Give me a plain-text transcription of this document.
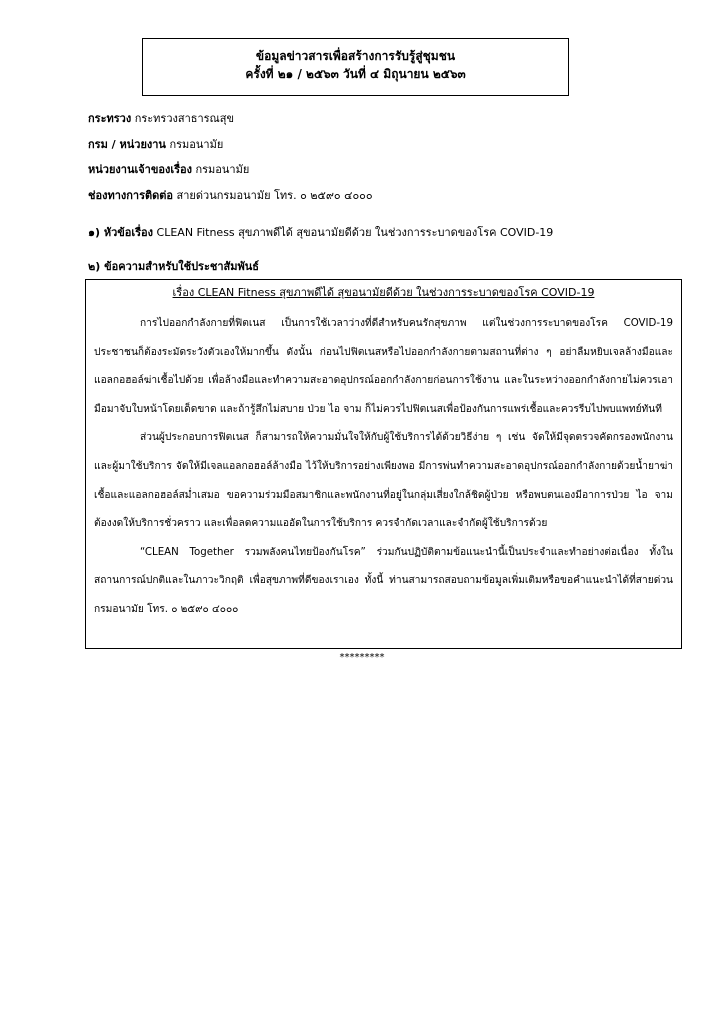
ข้อมูลข่าวสารเพื่อสร้างการรับรู้สู่ชุมชน
ครั้งที่ ๒๑ / ๒๕๖๓ วันที่ ๔ มิถุนายน ๒๕๖๓
กระทรวง กระทรวงสาธารณสุข
กรม / หน่วยงาน กรมอนามัย
หน่วยงานเจ้าของเรื่อง กรมอนามัย
ช่องทางการติดต่อ สายด่วนกรมอนามัย โทร. ๐ ๒๕๙๐ ๔๐๐๐
๑) หัวข้อเรื่อง CLEAN Fitness สุขภาพดีได้ สุขอนามัยดีด้วย ในช่วงการระบาดของโรค COVID-19
๒) ข้อความสำหรับใช้ประชาสัมพันธ์
เรื่อง CLEAN Fitness สุขภาพดีได้ สุขอนามัยดีด้วย ในช่วงการระบาดของโรค COVID-19

การไปออกกำลังกายที่ฟิตเนส เป็นการใช้เวลาว่างที่ดีสำหรับคนรักสุขภาพ แต่ในช่วงการระบาดของโรค COVID-19 ประชาชนก็ต้องระมัดระวังตัวเองให้มากขึ้น ดังนั้น ก่อนไปฟิตเนสหรือไปออกกำลังกายตามสถานที่ต่าง ๆ อย่าลืมหยิบเจลล้างมือและแอลกอฮอล์ฆ่าเชื้อไปด้วย เพื่อล้างมือและทำความสะอาดอุปกรณ์ออกกำลังกายก่อนการใช้งาน และในระหว่างออกกำลังกายไม่ควรเอามือมาจับใบหน้าโดยเด็ดขาด และถ้ารู้สึกไม่สบาย ป่วย ไอ จาม ก็ไม่ควรไปฟิตเนสเพื่อป้องกันการแพร่เชื้อและควรรีบไปพบแพทย์ทันที

ส่วนผู้ประกอบการฟิตเนส ก็สามารถให้ความมั่นใจให้กับผู้ใช้บริการได้ด้วยวิธีง่าย ๆ เช่น จัดให้มีจุดตรวจคัดกรองพนักงานและผู้มาใช้บริการ จัดให้มีเจลแอลกอฮอล์ล้างมือ ไว้ให้บริการอย่างเพียงพอ มีการพ่นทำความสะอาดอุปกรณ์ออกกำลังกายด้วยน้ำยาฆ่าเชื้อและแอลกอฮอล์สม่ำเสมอ ขอความร่วมมือสมาชิกและพนักงานที่อยู่ในกลุ่มเสี่ยงใกล้ชิดผู้ป่วย หรือพบตนเองมีอาการป่วย ไอ จาม ต้องงดให้บริการชั่วคราว และเพื่อลดความแออัดในการใช้บริการ ควรจำกัดเวลาและจำกัดผู้ใช้บริการด้วย

“CLEAN Together รวมพลังคนไทยป้องกันโรค” ร่วมกันปฏิบัติตามข้อแนะนำนี้เป็นประจำและทำอย่างต่อเนื่อง ทั้งในสถานการณ์ปกติและในภาวะวิกฤติ เพื่อสุขภาพที่ดีของเราเอง ทั้งนี้ ท่านสามารถสอบถามข้อมูลเพิ่มเติมหรือขอคำแนะนำได้ที่สายด่วนกรมอนามัย โทร. ๐ ๒๕๙๐ ๔๐๐๐

*********
